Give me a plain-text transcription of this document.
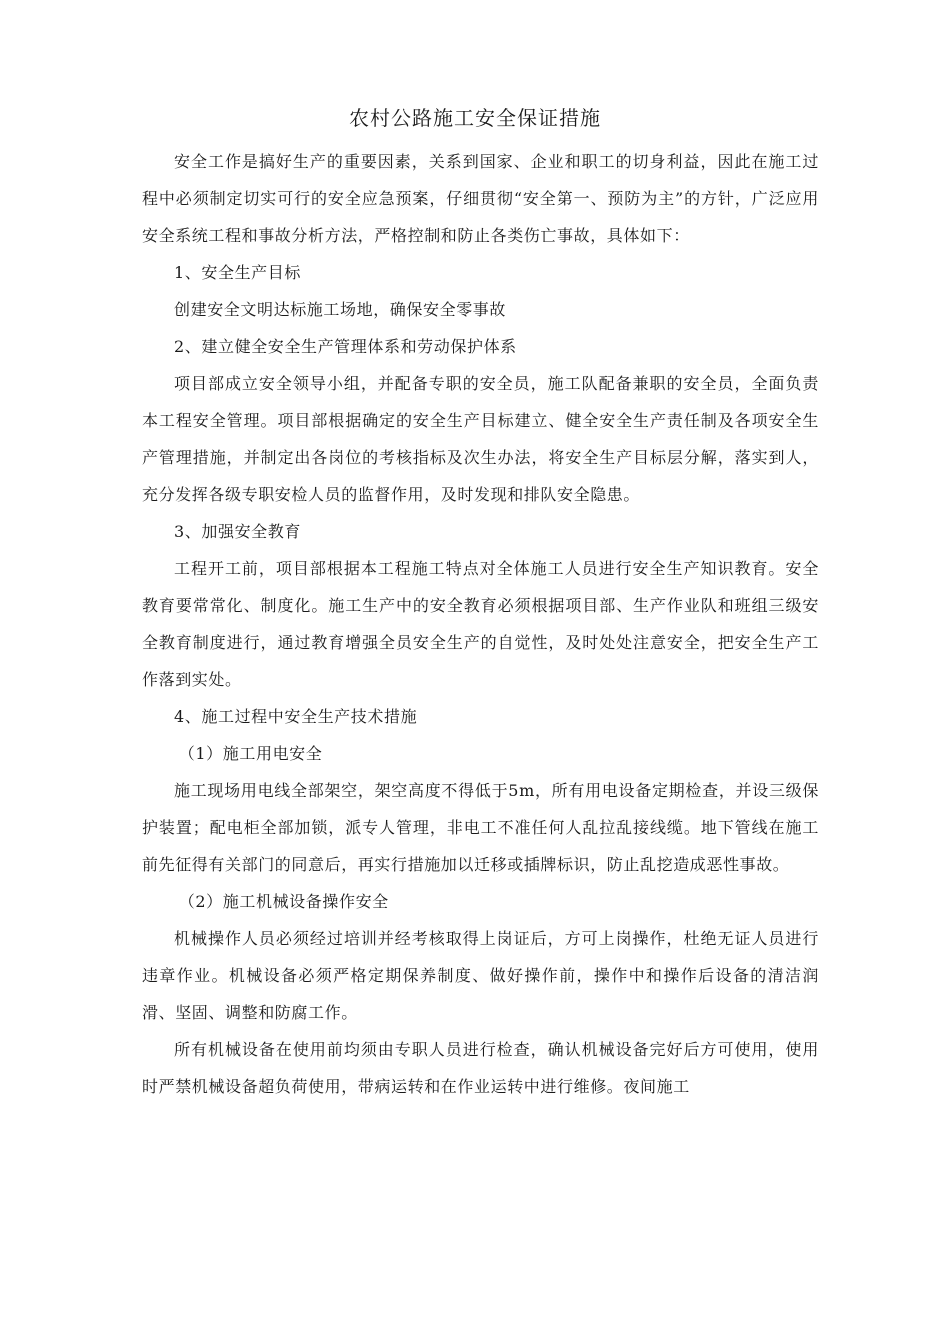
农村公路施工安全保证措施

安全工作是搞好生产的重要因素，关系到国家、企业和职工的切身利益，因此在施工过程中必须制定切实可行的安全应急预案，仔细贯彻“安全第一、预防为主”的方针，广泛应用安全系统工程和事故分析方法，严格控制和防止各类伤亡事故，具体如下：

1、安全生产目标

创建安全文明达标施工场地，确保安全零事故

2、建立健全安全生产管理体系和劳动保护体系

项目部成立安全领导小组，并配备专职的安全员，施工队配备兼职的安全员，全面负责本工程安全管理。项目部根据确定的安全生产目标建立、健全安全生产责任制及各项安全生产管理措施，并制定出各岗位的考核指标及次生办法，将安全生产目标层分解，落实到人，充分发挥各级专职安检人员的监督作用，及时发现和排队安全隐患。

3、加强安全教育

工程开工前，项目部根据本工程施工特点对全体施工人员进行安全生产知识教育。安全教育要常常化、制度化。施工生产中的安全教育必须根据项目部、生产作业队和班组三级安全教育制度进行，通过教育增强全员安全生产的自觉性，及时处处注意安全，把安全生产工作落到实处。

4、施工过程中安全生产技术措施

（1）施工用电安全

施工现场用电线全部架空，架空高度不得低于5m，所有用电设备定期检查，并设三级保护装置；配电柜全部加锁，派专人管理，非电工不准任何人乱拉乱接线缆。地下管线在施工前先征得有关部门的同意后，再实行措施加以迁移或插牌标识，防止乱挖造成恶性事故。

（2）施工机械设备操作安全

机械操作人员必须经过培训并经考核取得上岗证后，方可上岗操作，杜绝无证人员进行违章作业。机械设备必须严格定期保养制度、做好操作前，操作中和操作后设备的清洁润滑、坚固、调整和防腐工作。

所有机械设备在使用前均须由专职人员进行检查，确认机械设备完好后方可使用，使用时严禁机械设备超负荷使用，带病运转和在作业运转中进行维修。夜间施工
